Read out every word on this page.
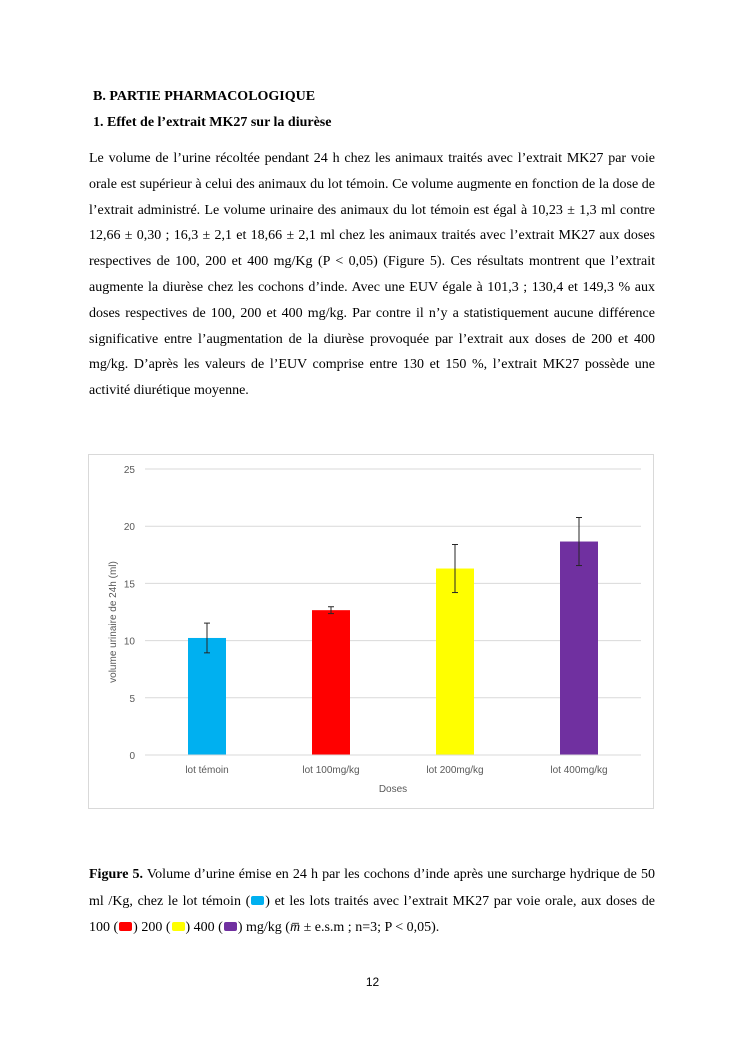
B. PARTIE PHARMACOLOGIQUE
1. Effet de l’extrait MK27 sur la diurèse
Le volume de l’urine récoltée pendant 24 h chez les animaux traités avec l’extrait MK27 par voie orale est supérieur à celui des animaux du lot témoin. Ce volume augmente en fonction de la dose de l’extrait administré. Le volume urinaire des animaux du lot témoin est égal à 10,23 ± 1,3 ml contre 12,66 ± 0,30 ; 16,3 ± 2,1 et 18,66 ± 2,1 ml chez les animaux traités avec l’extrait MK27 aux doses respectives de 100, 200 et 400 mg/Kg (P < 0,05) (Figure 5). Ces résultats montrent que l’extrait augmente la diurèse chez les cochons d’inde. Avec une EUV égale à 101,3 ; 130,4 et 149,3 % aux doses respectives de 100, 200 et 400 mg/kg. Par contre il n’y a statistiquement aucune différence significative entre l’augmentation de la diurèse provoquée par l’extrait aux doses de 200 et 400 mg/kg. D’après les valeurs de l’EUV comprise entre 130 et 150 %, l’extrait MK27 possède une activité diurétique moyenne.
0
5
10
15
20
25
lot témoin	lot 100mg/kg	lot 200mg/kg	lot 400mg/kg
Doses
volume urinaire de 24h (ml)
Figure 5. Volume d’urine émise en 24 h par les cochons d’inde après une surcharge hydrique de 50 ml /Kg, chez le lot témoin ( ) et les lots traités avec l’extrait MK27 par voie orale, aux doses de 100 ( ) 200 ( ) 400 ( ) mg/kg (m̅ ± e.s.m ; n=3; P < 0,05).
12
